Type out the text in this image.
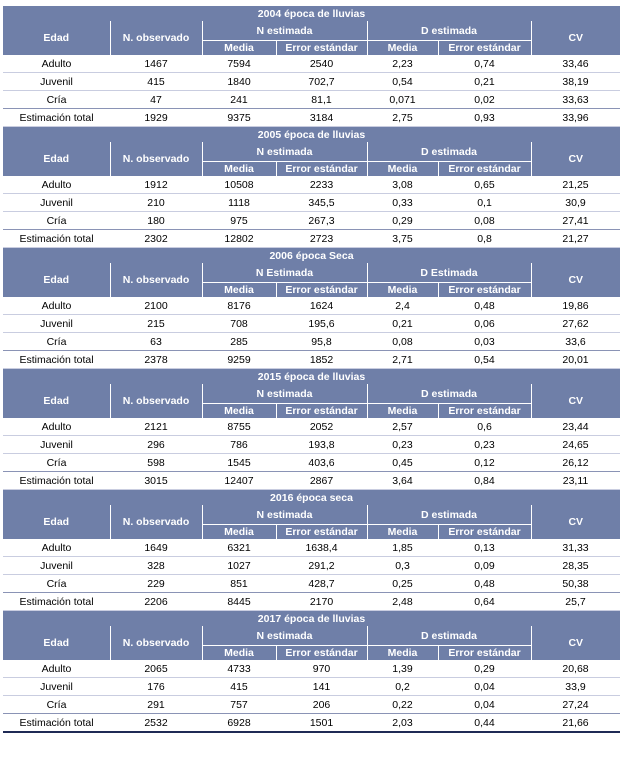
2004 época de lluvias						
Edad	N. observado	N estimada		D estimada		CV
		Media	Error estándar	Media	Error estándar	
Adulto	1467	7594	2540	2,23	0,74	33,46
Juvenil	415	1840	702,7	0,54	0,21	38,19
Cría	47	241	81,1	0,071	0,02	33,63
Estimación total	1929	9375	3184	2,75	0,93	33,96
2005 época de lluvias						
Edad	N. observado	N estimada		D estimada		CV
		Media	Error estándar	Media	Error estándar	
Adulto	1912	10508	2233	3,08	0,65	21,25
Juvenil	210	1118	345,5	0,33	0,1	30,9
Cría	180	975	267,3	0,29	0,08	27,41
Estimación total	2302	12802	2723	3,75	0,8	21,27
2006 época Seca						
Edad	N. observado	N Estimada		D Estimada		CV
		Media	Error estándar	Media	Error estándar	
Adulto	2100	8176	1624	2,4	0,48	19,86
Juvenil	215	708	195,6	0,21	0,06	27,62
Cría	63	285	95,8	0,08	0,03	33,6
Estimación total	2378	9259	1852	2,71	0,54	20,01
2015 época de lluvias						
Edad	N. observado	N estimada		D estimada		CV
		Media	Error estándar	Media	Error estándar	
Adulto	2121	8755	2052	2,57	0,6	23,44
Juvenil	296	786	193,8	0,23	0,23	24,65
Cría	598	1545	403,6	0,45	0,12	26,12
Estimación total	3015	12407	2867	3,64	0,84	23,11
2016 época seca						
Edad	N. observado	N estimada		D estimada		CV
		Media	Error estándar	Media	Error estándar	
Adulto	1649	6321	1638,4	1,85	0,13	31,33
Juvenil	328	1027	291,2	0,3	0,09	28,35
Cría	229	851	428,7	0,25	0,48	50,38
Estimación total	2206	8445	2170	2,48	0,64	25,7
2017 época de lluvias						
Edad	N. observado	N estimada		D estimada		CV
		Media	Error estándar	Media	Error estándar	
Adulto	2065	4733	970	1,39	0,29	20,68
Juvenil	176	415	141	0,2	0,04	33,9
Cría	291	757	206	0,22	0,04	27,24
Estimación total	2532	6928	1501	2,03	0,44	21,66
